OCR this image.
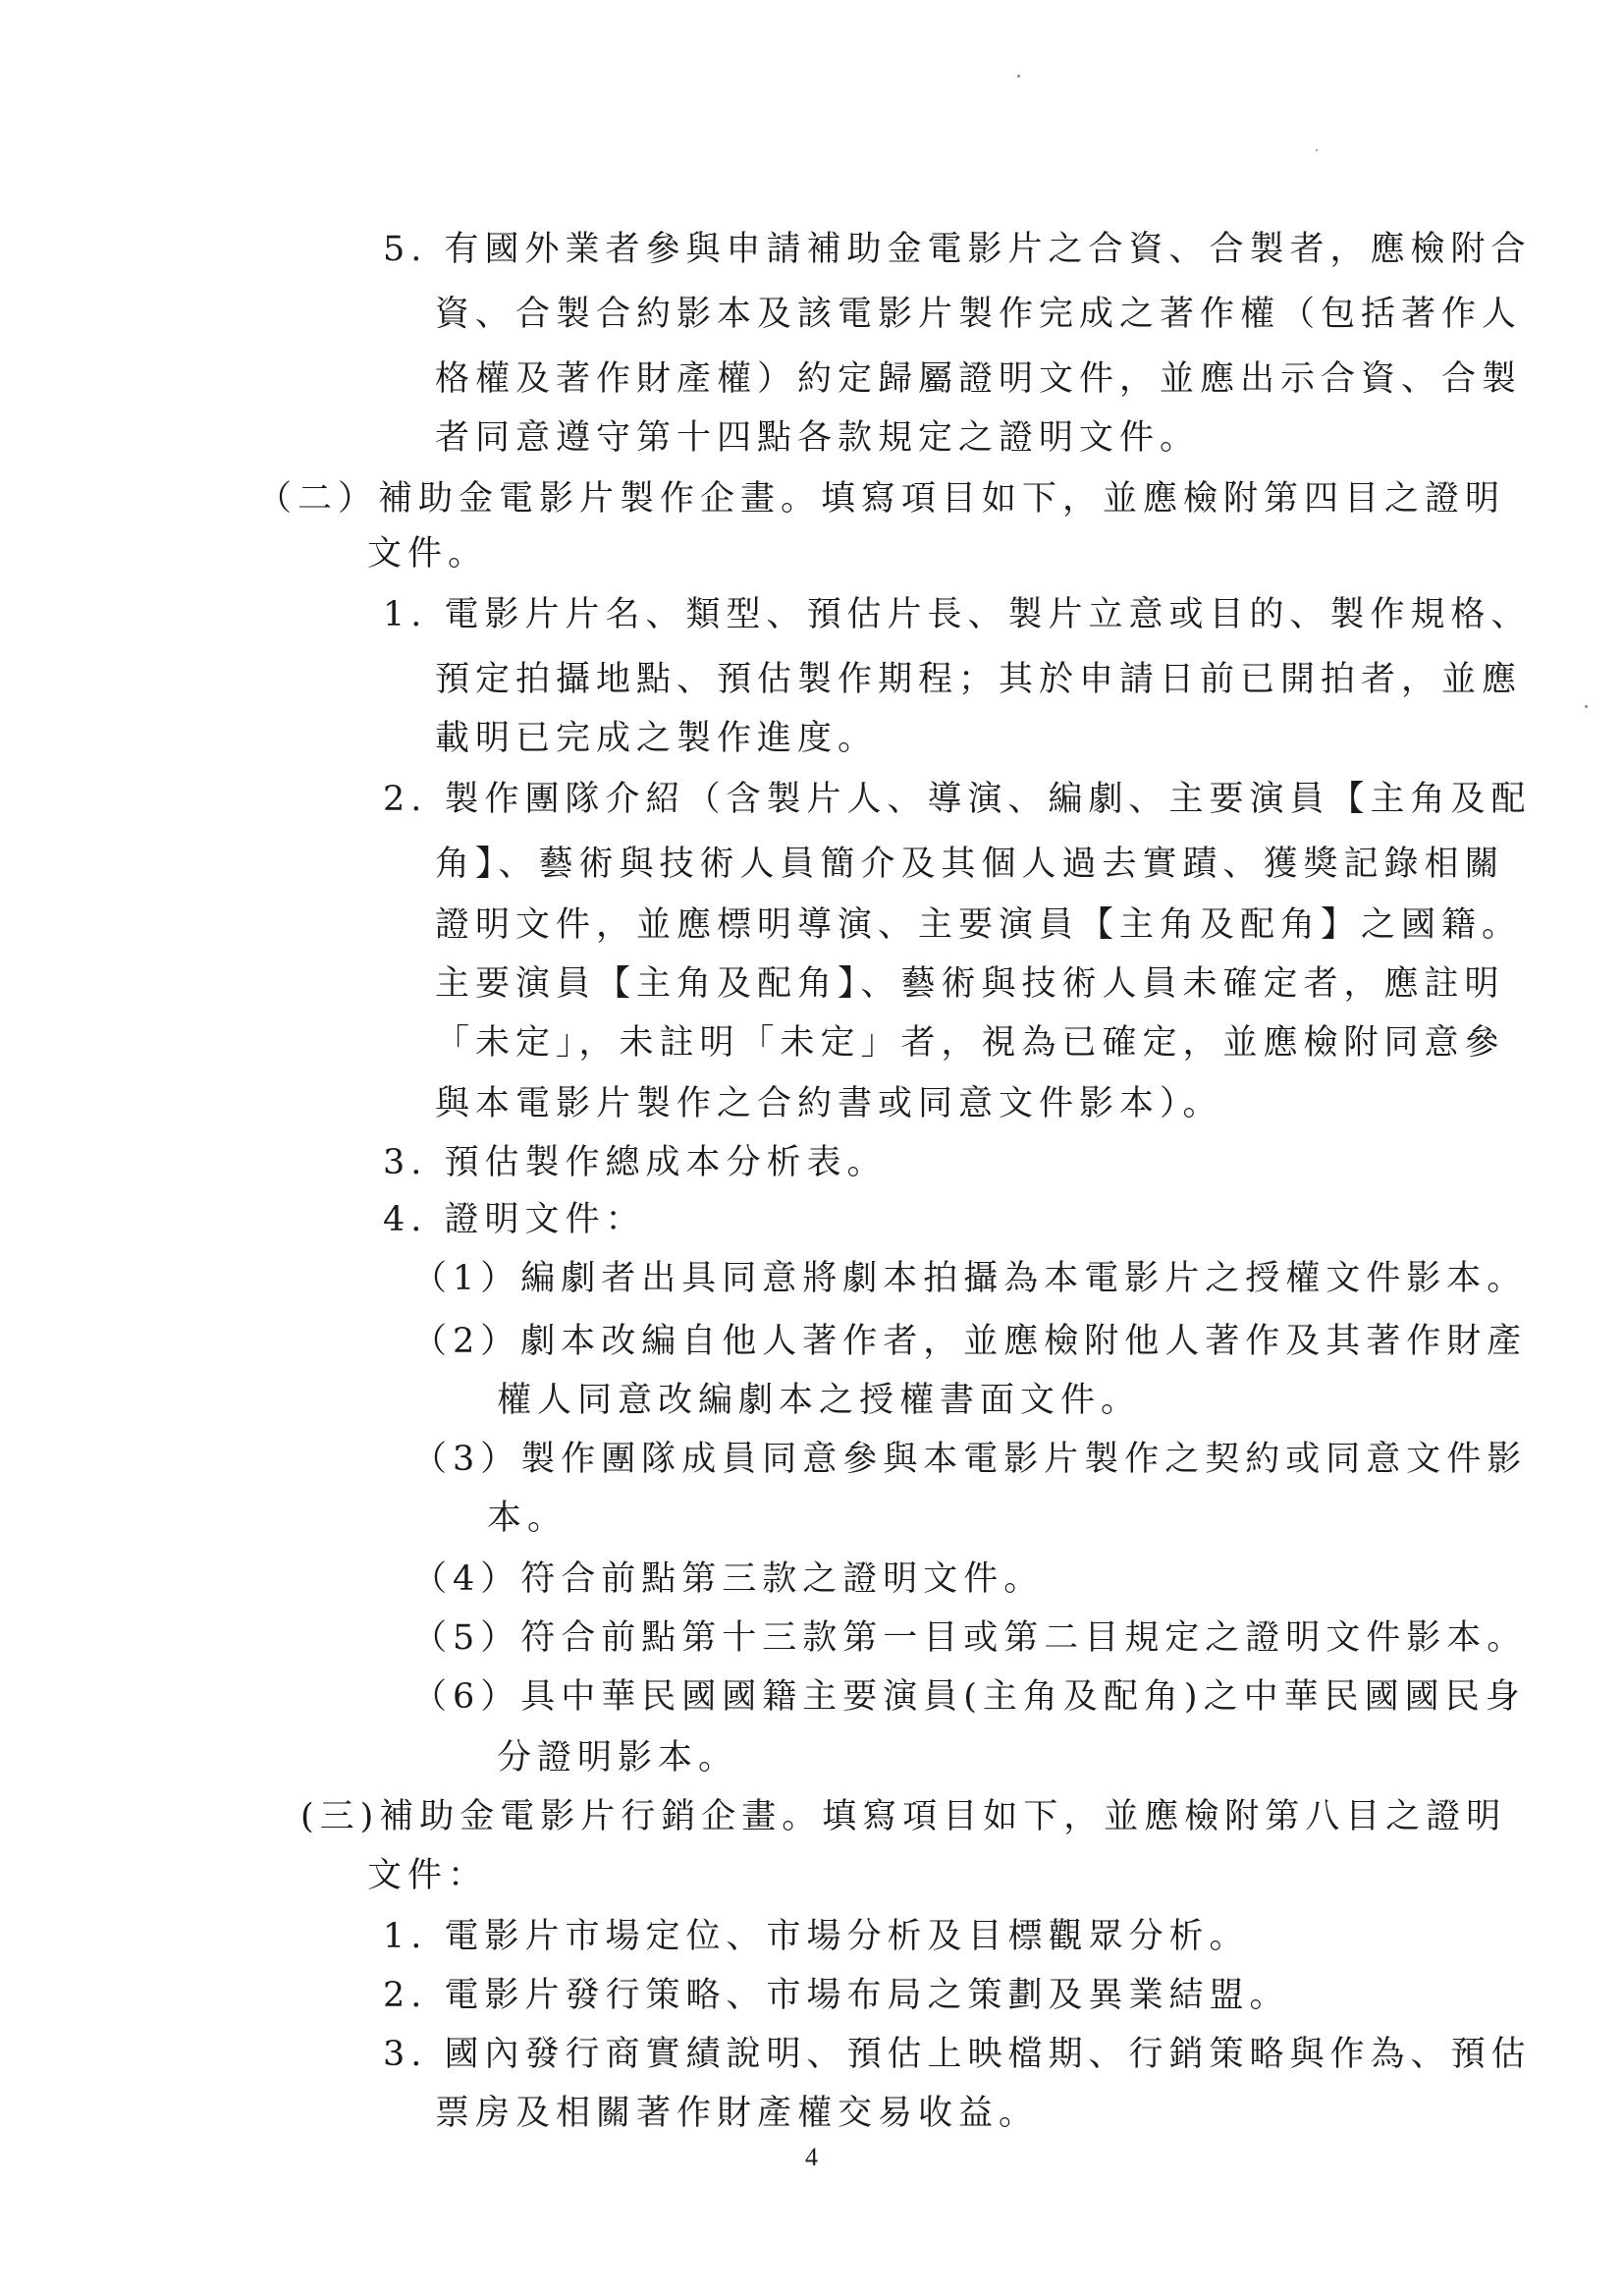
5. 有國外業者參與申請補助金電影片之合資、合製者，應檢附合
資、合製合約影本及該電影片製作完成之著作權（包括著作人
格權及著作財產權）約定歸屬證明文件，並應出示合資、合製
者同意遵守第十四點各款規定之證明文件。
（二）補助金電影片製作企畫。填寫項目如下，並應檢附第四目之證明
文件。
1. 電影片片名、類型、預估片長、製片立意或目的、製作規格、
預定拍攝地點、預估製作期程；其於申請日前已開拍者，並應
載明已完成之製作進度。
2. 製作團隊介紹（含製片人、導演、編劇、主要演員【主角及配
角】、藝術與技術人員簡介及其個人過去實蹟、獲獎記錄相關
證明文件，並應標明導演、主要演員【主角及配角】之國籍。
主要演員【主角及配角】、藝術與技術人員未確定者，應註明
「未定」，未註明「未定」者，視為已確定，並應檢附同意參
與本電影片製作之合約書或同意文件影本）。
3. 預估製作總成本分析表。
4. 證明文件：
（1）編劇者出具同意將劇本拍攝為本電影片之授權文件影本。
（2）劇本改編自他人著作者，並應檢附他人著作及其著作財產
權人同意改編劇本之授權書面文件。
（3）製作團隊成員同意參與本電影片製作之契約或同意文件影
本。
（4）符合前點第三款之證明文件。
（5）符合前點第十三款第一目或第二目規定之證明文件影本。
（6）具中華民國國籍主要演員(主角及配角)之中華民國國民身
分證明影本。
(三)補助金電影片行銷企畫。填寫項目如下，並應檢附第八目之證明
文件：
1. 電影片市場定位、市場分析及目標觀眾分析。
2. 電影片發行策略、市場布局之策劃及異業結盟。
3. 國內發行商實績說明、預估上映檔期、行銷策略與作為、預估
票房及相關著作財產權交易收益。
4
